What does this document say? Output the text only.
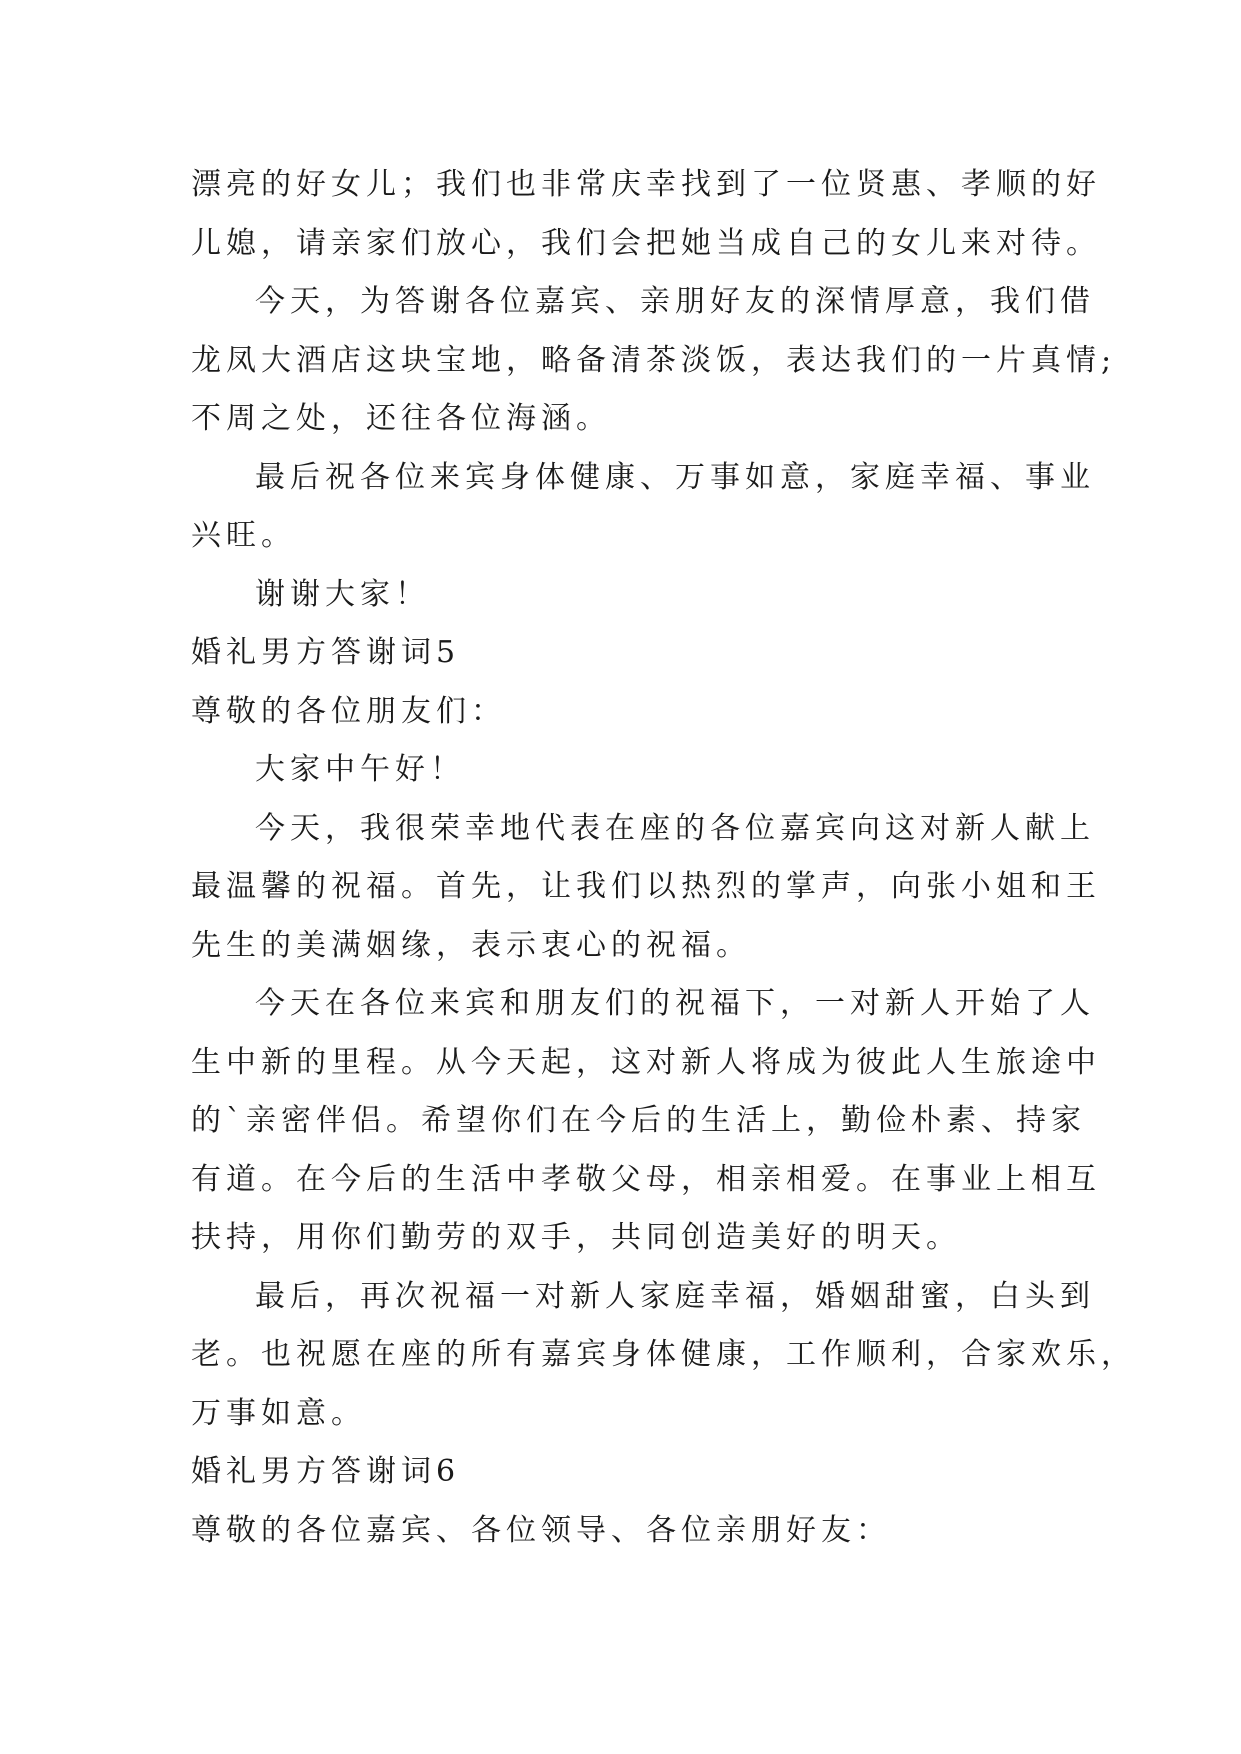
漂亮的好女儿；我们也非常庆幸找到了一位贤惠、孝顺的好
儿媳，请亲家们放心，我们会把她当成自己的女儿来对待。
今天，为答谢各位嘉宾、亲朋好友的深情厚意，我们借
龙凤大酒店这块宝地，略备清茶淡饭，表达我们的一片真情;
不周之处，还往各位海涵。
最后祝各位来宾身体健康、万事如意，家庭幸福、事业
兴旺。
谢谢大家！
婚礼男方答谢词5
尊敬的各位朋友们：
大家中午好！
今天，我很荣幸地代表在座的各位嘉宾向这对新人献上
最温馨的祝福。首先，让我们以热烈的掌声，向张小姐和王
先生的美满姻缘，表示衷心的祝福。
今天在各位来宾和朋友们的祝福下，一对新人开始了人
生中新的里程。从今天起，这对新人将成为彼此人生旅途中
的`亲密伴侣。希望你们在今后的生活上，勤俭朴素、持家
有道。在今后的生活中孝敬父母，相亲相爱。在事业上相互
扶持，用你们勤劳的双手，共同创造美好的明天。
最后，再次祝福一对新人家庭幸福，婚姻甜蜜，白头到
老。也祝愿在座的所有嘉宾身体健康，工作顺利，合家欢乐，
万事如意。
婚礼男方答谢词6
尊敬的各位嘉宾、各位领导、各位亲朋好友：
